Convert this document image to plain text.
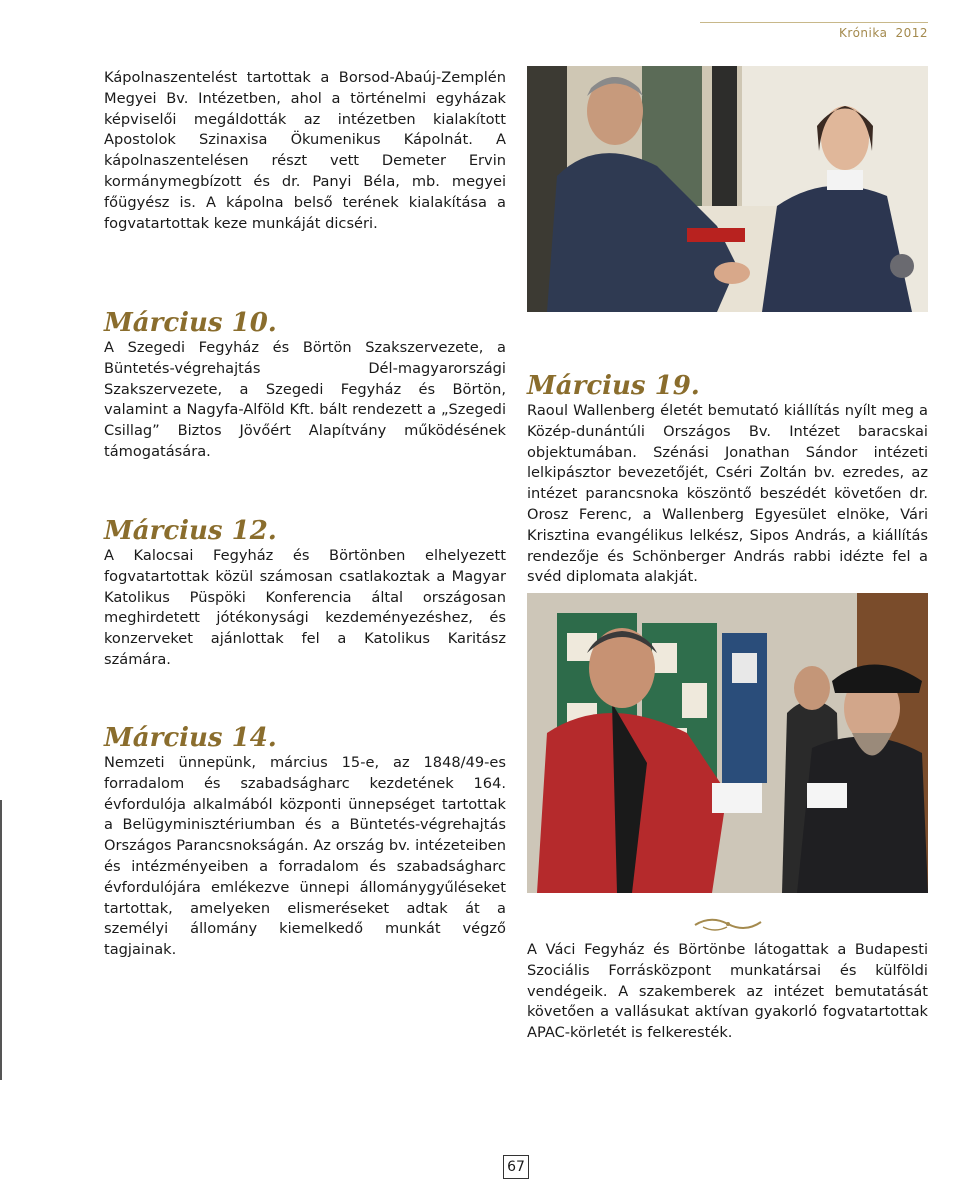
Krónika 2012

Kápolnaszentelést tartottak a Borsod-Abaúj-Zemplén Megyei Bv. Intézetben, ahol a történelmi egyházak képviselői megáldották az intézetben kialakított Apostolok Szinaxisa Ökumenikus Kápolnát. A kápolnaszentelésen részt vett Demeter Ervin kormánymegbízott és dr. Panyi Béla, mb. megyei főügyész is. A kápolna belső terének kialakítása a fogvatartottak keze munkáját dicséri.

Március 10.

A Szegedi Fegyház és Börtön Szakszervezete, a Büntetés-végrehajtás Dél-magyarországi Szakszervezete, a Szegedi Fegyház és Börtön, valamint a Nagyfa-Alföld Kft. bált rendezett a „Szegedi Csillag” Biztos Jövőért Alapítvány működésének támogatására.

Március 12.

A Kalocsai Fegyház és Börtönben elhelyezett fogvatartottak közül számosan csatlakoztak a Magyar Katolikus Püspöki Konferencia által országosan meghirdetett jótékonysági kezdeményezéshez, és konzerveket ajánlottak fel a Katolikus Karitász számára.

Március 14.

Nemzeti ünnepünk, március 15-e, az 1848/49-es forradalom és szabadságharc kezdetének 164. évfordulója alkalmából központi ünnepséget tartottak a Belügyminisztériumban és a Büntetés-végrehajtás Országos Parancsnokságán. Az ország bv. intézeteiben és intézményeiben a forradalom és szabadságharc évfordulójára emlékezve ünnepi állománygyűléseket tartottak, amelyeken elismeréseket adtak át a személyi állomány kiemelkedő munkát végző tagjainak.

Március 19.

Raoul Wallenberg életét bemutató kiállítás nyílt meg a Közép-dunántúli Országos Bv. Intézet baracskai objektumában. Szénási Jonathan Sándor intézeti lelkipásztor bevezetőjét, Cséri Zoltán bv. ezredes, az intézet parancsnoka köszöntő beszédét követően dr. Orosz Ferenc, a Wallenberg Egyesület elnöke, Vári Krisztina evangélikus lelkész, Sipos András, a kiállítás rendezője és Schönberger András rabbi idézte fel a svéd diplomata alakját.

A Váci Fegyház és Börtönbe látogattak a Budapesti Szociális Forrásközpont munkatársai és külföldi vendégeik. A szakemberek az intézet bemutatását követően a vallásukat aktívan gyakorló fogvatartottak APAC-körletét is felkeresték.

67
